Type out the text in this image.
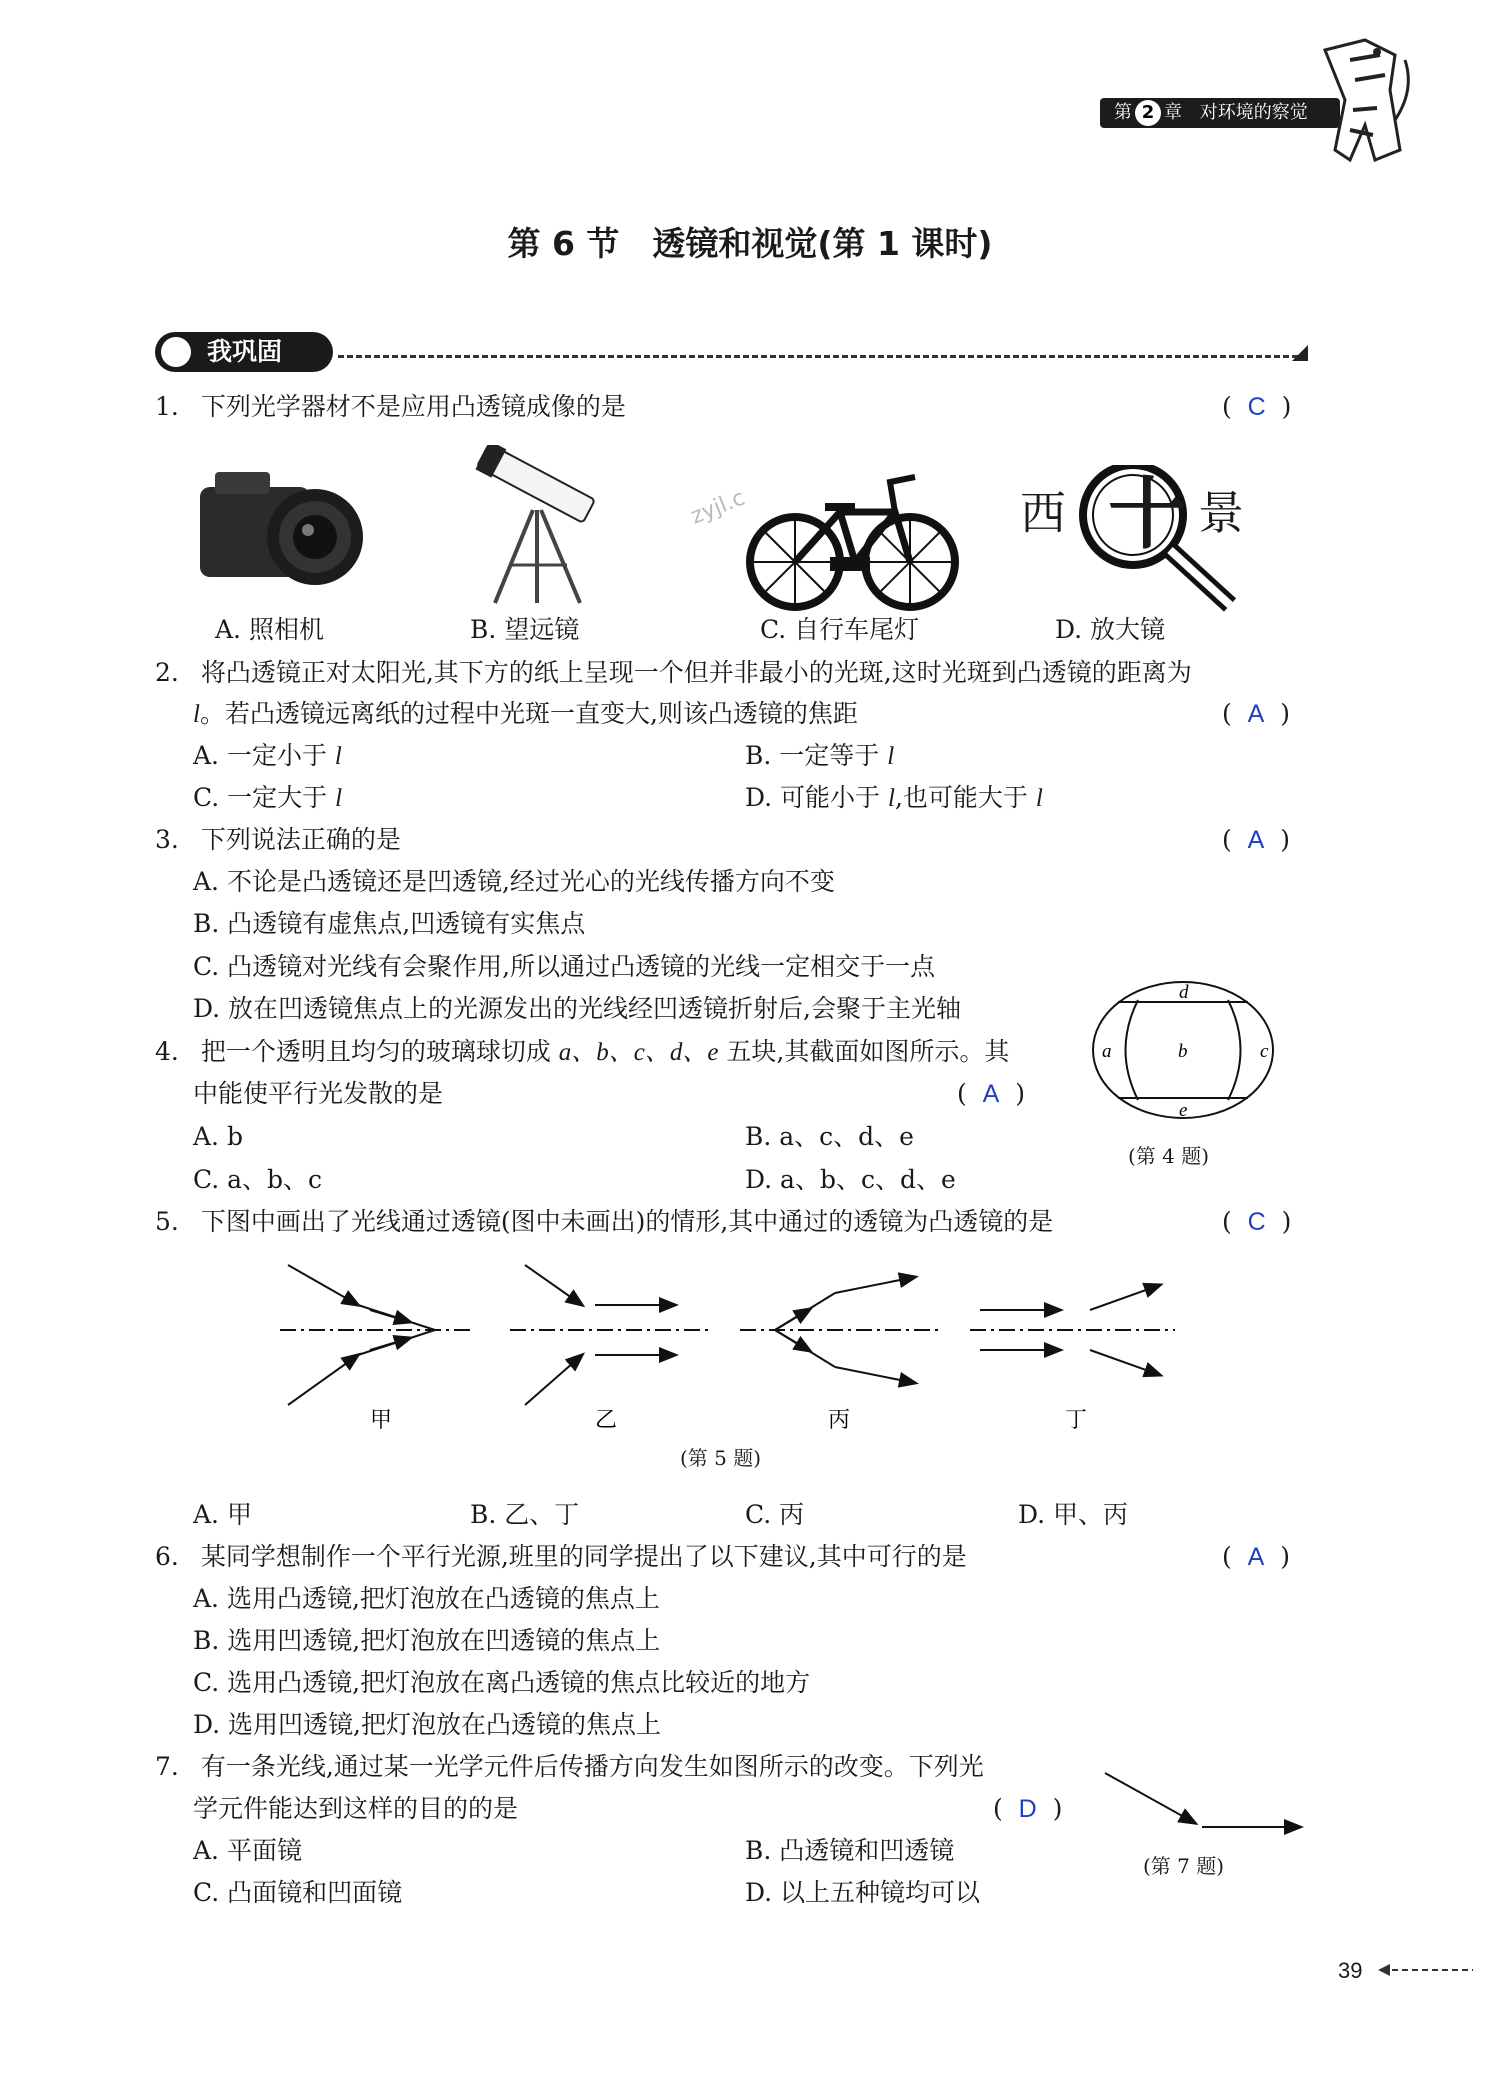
第 2 章 对环境的察觉
第 6 节　透镜和视觉(第 1 课时)
我巩固
1. 下列光学器材不是应用凸透镜成像的是	(  C  )
zyjl.c	西	景
十
A. 照相机	B. 望远镜	C. 自行车尾灯	D. 放大镜
2. 将凸透镜正对太阳光,其下方的纸上呈现一个但并非最小的光斑,这时光斑到凸透镜的距离为
l。若凸透镜远离纸的过程中光斑一直变大,则该凸透镜的焦距	(  A  )
A. 一定小于 l	B. 一定等于 l
C. 一定大于 l	D. 可能小于 l,也可能大于 l
3. 下列说法正确的是	(  A  )
A. 不论是凸透镜还是凹透镜,经过光心的光线传播方向不变
B. 凸透镜有虚焦点,凹透镜有实焦点
C. 凸透镜对光线有会聚作用,所以通过凸透镜的光线一定相交于一点
D. 放在凹透镜焦点上的光源发出的光线经凹透镜折射后,会聚于主光轴
a	b	c
d
e
(第 4 题)
4. 把一个透明且均匀的玻璃球切成 a、b、c、d、e 五块,其截面如图所示。其
中能使平行光发散的是	(  A  )
A. b	B. a、c、d、e
C. a、b、c	D. a、b、c、d、e
5. 下图中画出了光线通过透镜(图中未画出)的情形,其中通过的透镜为凸透镜的是	(  C  )
甲	乙	丙	丁
(第 5 题)
A. 甲	B. 乙、丁	C. 丙	D. 甲、丙
6. 某同学想制作一个平行光源,班里的同学提出了以下建议,其中可行的是	(  A  )
A. 选用凸透镜,把灯泡放在凸透镜的焦点上
B. 选用凹透镜,把灯泡放在凹透镜的焦点上
C. 选用凸透镜,把灯泡放在离凸透镜的焦点比较近的地方
D. 选用凹透镜,把灯泡放在凸透镜的焦点上
7. 有一条光线,通过某一光学元件后传播方向发生如图所示的改变。下列光
学元件能达到这样的目的的是	(  D  )
(第 7 题)
A. 平面镜	B. 凸透镜和凹透镜
C. 凸面镜和凹面镜	D. 以上五种镜均可以
39
